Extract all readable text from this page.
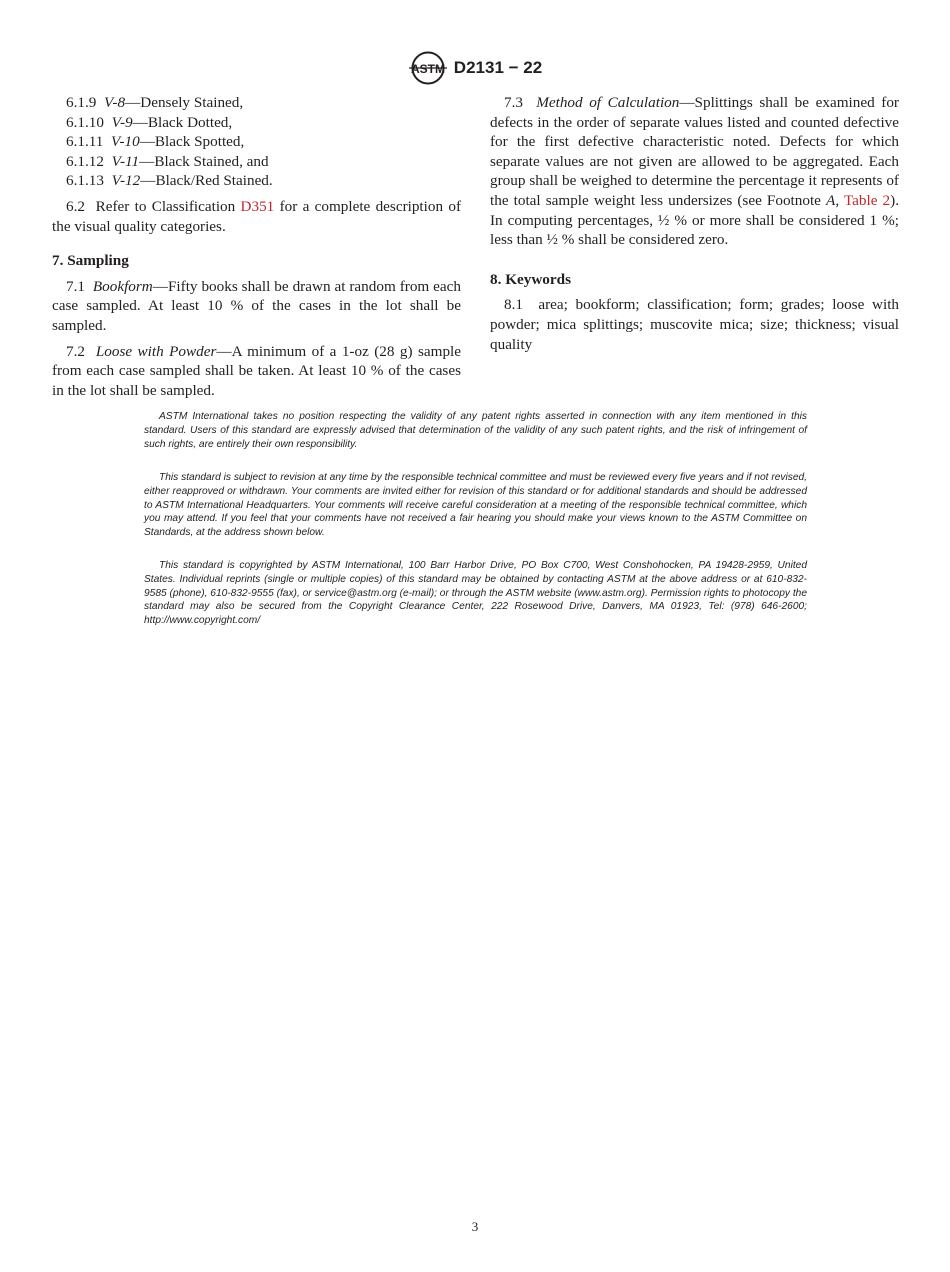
ASTM D2131 − 22

6.1.9 V-8—Densely Stained,

6.1.10 V-9—Black Dotted,

6.1.11 V-10—Black Spotted,

6.1.12 V-11—Black Stained, and

6.1.13 V-12—Black/Red Stained.

6.2 Refer to Classification D351 for a complete description of the visual quality categories.

7. Sampling

7.1 Bookform—Fifty books shall be drawn at random from each case sampled. At least 10 % of the cases in the lot shall be sampled.

7.2 Loose with Powder—A minimum of a 1-oz (28 g) sample from each case sampled shall be taken. At least 10 % of the cases in the lot shall be sampled.

7.3 Method of Calculation—Splittings shall be examined for defects in the order of separate values listed and counted defective for the first defective characteristic noted. Defects for which separate values are not given are allowed to be aggregated. Each group shall be weighed to determine the percentage it represents of the total sample weight less undersizes (see Footnote A, Table 2). In computing percentages, ½ % or more shall be considered 1 %; less than ½ % shall be considered zero.

8. Keywords

8.1 area; bookform; classification; form; grades; loose with powder; mica splittings; muscovite mica; size; thickness; visual quality

ASTM International takes no position respecting the validity of any patent rights asserted in connection with any item mentioned in this standard. Users of this standard are expressly advised that determination of the validity of any such patent rights, and the risk of infringement of such rights, are entirely their own responsibility.

This standard is subject to revision at any time by the responsible technical committee and must be reviewed every five years and if not revised, either reapproved or withdrawn. Your comments are invited either for revision of this standard or for additional standards and should be addressed to ASTM International Headquarters. Your comments will receive careful consideration at a meeting of the responsible technical committee, which you may attend. If you feel that your comments have not received a fair hearing you should make your views known to the ASTM Committee on Standards, at the address shown below.

This standard is copyrighted by ASTM International, 100 Barr Harbor Drive, PO Box C700, West Conshohocken, PA 19428-2959, United States. Individual reprints (single or multiple copies) of this standard may be obtained by contacting ASTM at the above address or at 610-832-9585 (phone), 610-832-9555 (fax), or service@astm.org (e-mail); or through the ASTM website (www.astm.org). Permission rights to photocopy the standard may also be secured from the Copyright Clearance Center, 222 Rosewood Drive, Danvers, MA 01923, Tel: (978) 646-2600; http://www.copyright.com/

3
